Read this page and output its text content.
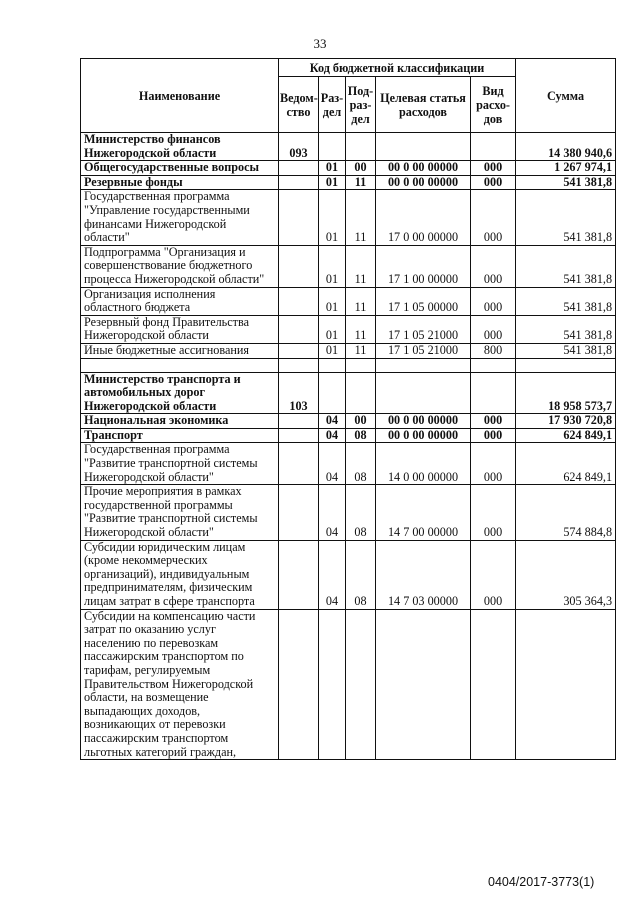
33
Наименование	Код бюджетной классификации					Сумма
	Ведом-ство	Раз-дел	Под-раз-дел	Целевая статья расходов	Вид расхо-дов	
Министерство финансов Нижегородской области	093					14 380 940,6
Общегосударственные вопросы		01	00	00 0 00 00000	000	1 267 974,1
Резервные фонды		01	11	00 0 00 00000	000	541 381,8
Государственная программа "Управление государственными финансами Нижегородской области"		01	11	17 0 00 00000	000	541 381,8
Подпрограмма "Организация и совершенствование бюджетного процесса Нижегородской области"		01	11	17 1 00 00000	000	541 381,8
Организация исполнения областного бюджета		01	11	17 1 05 00000	000	541 381,8
Резервный фонд Правительства Нижегородской области		01	11	17 1 05 21000	000	541 381,8
Иные бюджетные ассигнования		01	11	17 1 05 21000	800	541 381,8

Министерство транспорта и автомобильных дорог Нижегородской области	103					18 958 573,7
Национальная экономика		04	00	00 0 00 00000	000	17 930 720,8
Транспорт		04	08	00 0 00 00000	000	624 849,1
Государственная программа "Развитие транспортной системы Нижегородской области"		04	08	14 0 00 00000	000	624 849,1
Прочие мероприятия в рамках государственной программы "Развитие транспортной системы Нижегородской области"		04	08	14 7 00 00000	000	574 884,8
Субсидии юридическим лицам (кроме некоммерческих организаций), индивидуальным предпринимателям, физическим лицам затрат в сфере транспорта		04	08	14 7 03 00000	000	305 364,3
Субсидии на компенсацию части затрат по оказанию услуг населению по перевозкам пассажирским транспортом по тарифам, регулируемым Правительством Нижегородской области, на возмещение выпадающих доходов, возникающих от перевозки пассажирским транспортом льготных категорий граждан,						
0404/2017-3773(1)
